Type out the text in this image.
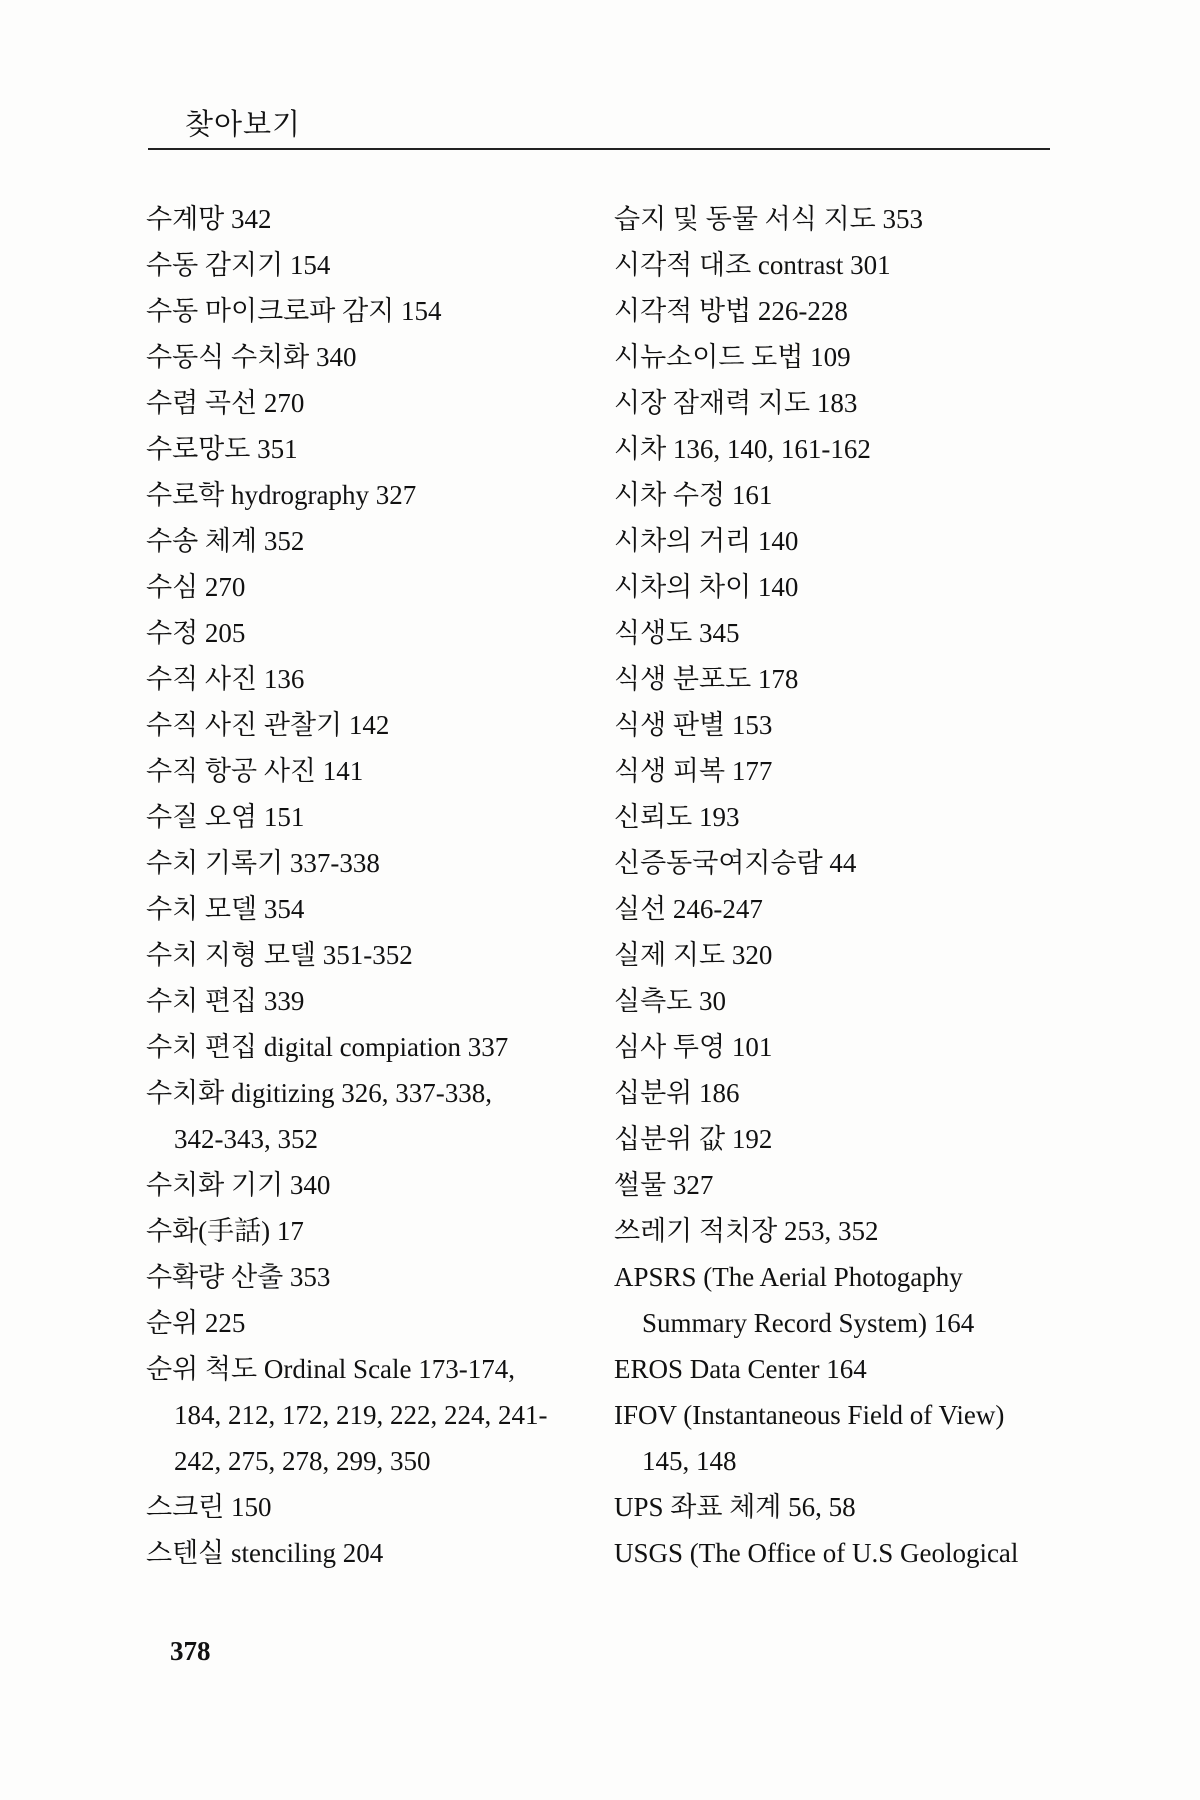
찾아보기
수계망 342
수동 감지기 154
수동 마이크로파 감지 154
수동식 수치화 340
수렴 곡선 270
수로망도 351
수로학 hydrography 327
수송 체계 352
수심 270
수정 205
수직 사진 136
수직 사진 관찰기 142
수직 항공 사진 141
수질 오염 151
수치 기록기 337-338
수치 모델 354
수치 지형 모델 351-352
수치 편집 339
수치 편집 digital compiation 337
수치화 digitizing 326, 337-338,
342-343, 352
수치화 기기 340
수화(手話) 17
수확량 산출 353
순위 225
순위 척도 Ordinal Scale 173-174,
184, 212, 172, 219, 222, 224, 241-
242, 275, 278, 299, 350
스크린 150
스텐실 stenciling 204
습지 및 동물 서식 지도 353
시각적 대조 contrast 301
시각적 방법 226-228
시뉴소이드 도법 109
시장 잠재력 지도 183
시차 136, 140, 161-162
시차 수정 161
시차의 거리 140
시차의 차이 140
식생도 345
식생 분포도 178
식생 판별 153
식생 피복 177
신뢰도 193
신증동국여지승람 44
실선 246-247
실제 지도 320
실측도 30
심사 투영 101
십분위 186
십분위 값 192
썰물 327
쓰레기 적치장 253, 352
APSRS (The Aerial Photogaphy
Summary Record System) 164
EROS Data Center 164
IFOV (Instantaneous Field of View)
145, 148
UPS 좌표 체계 56, 58
USGS (The Office of U.S Geological
378
